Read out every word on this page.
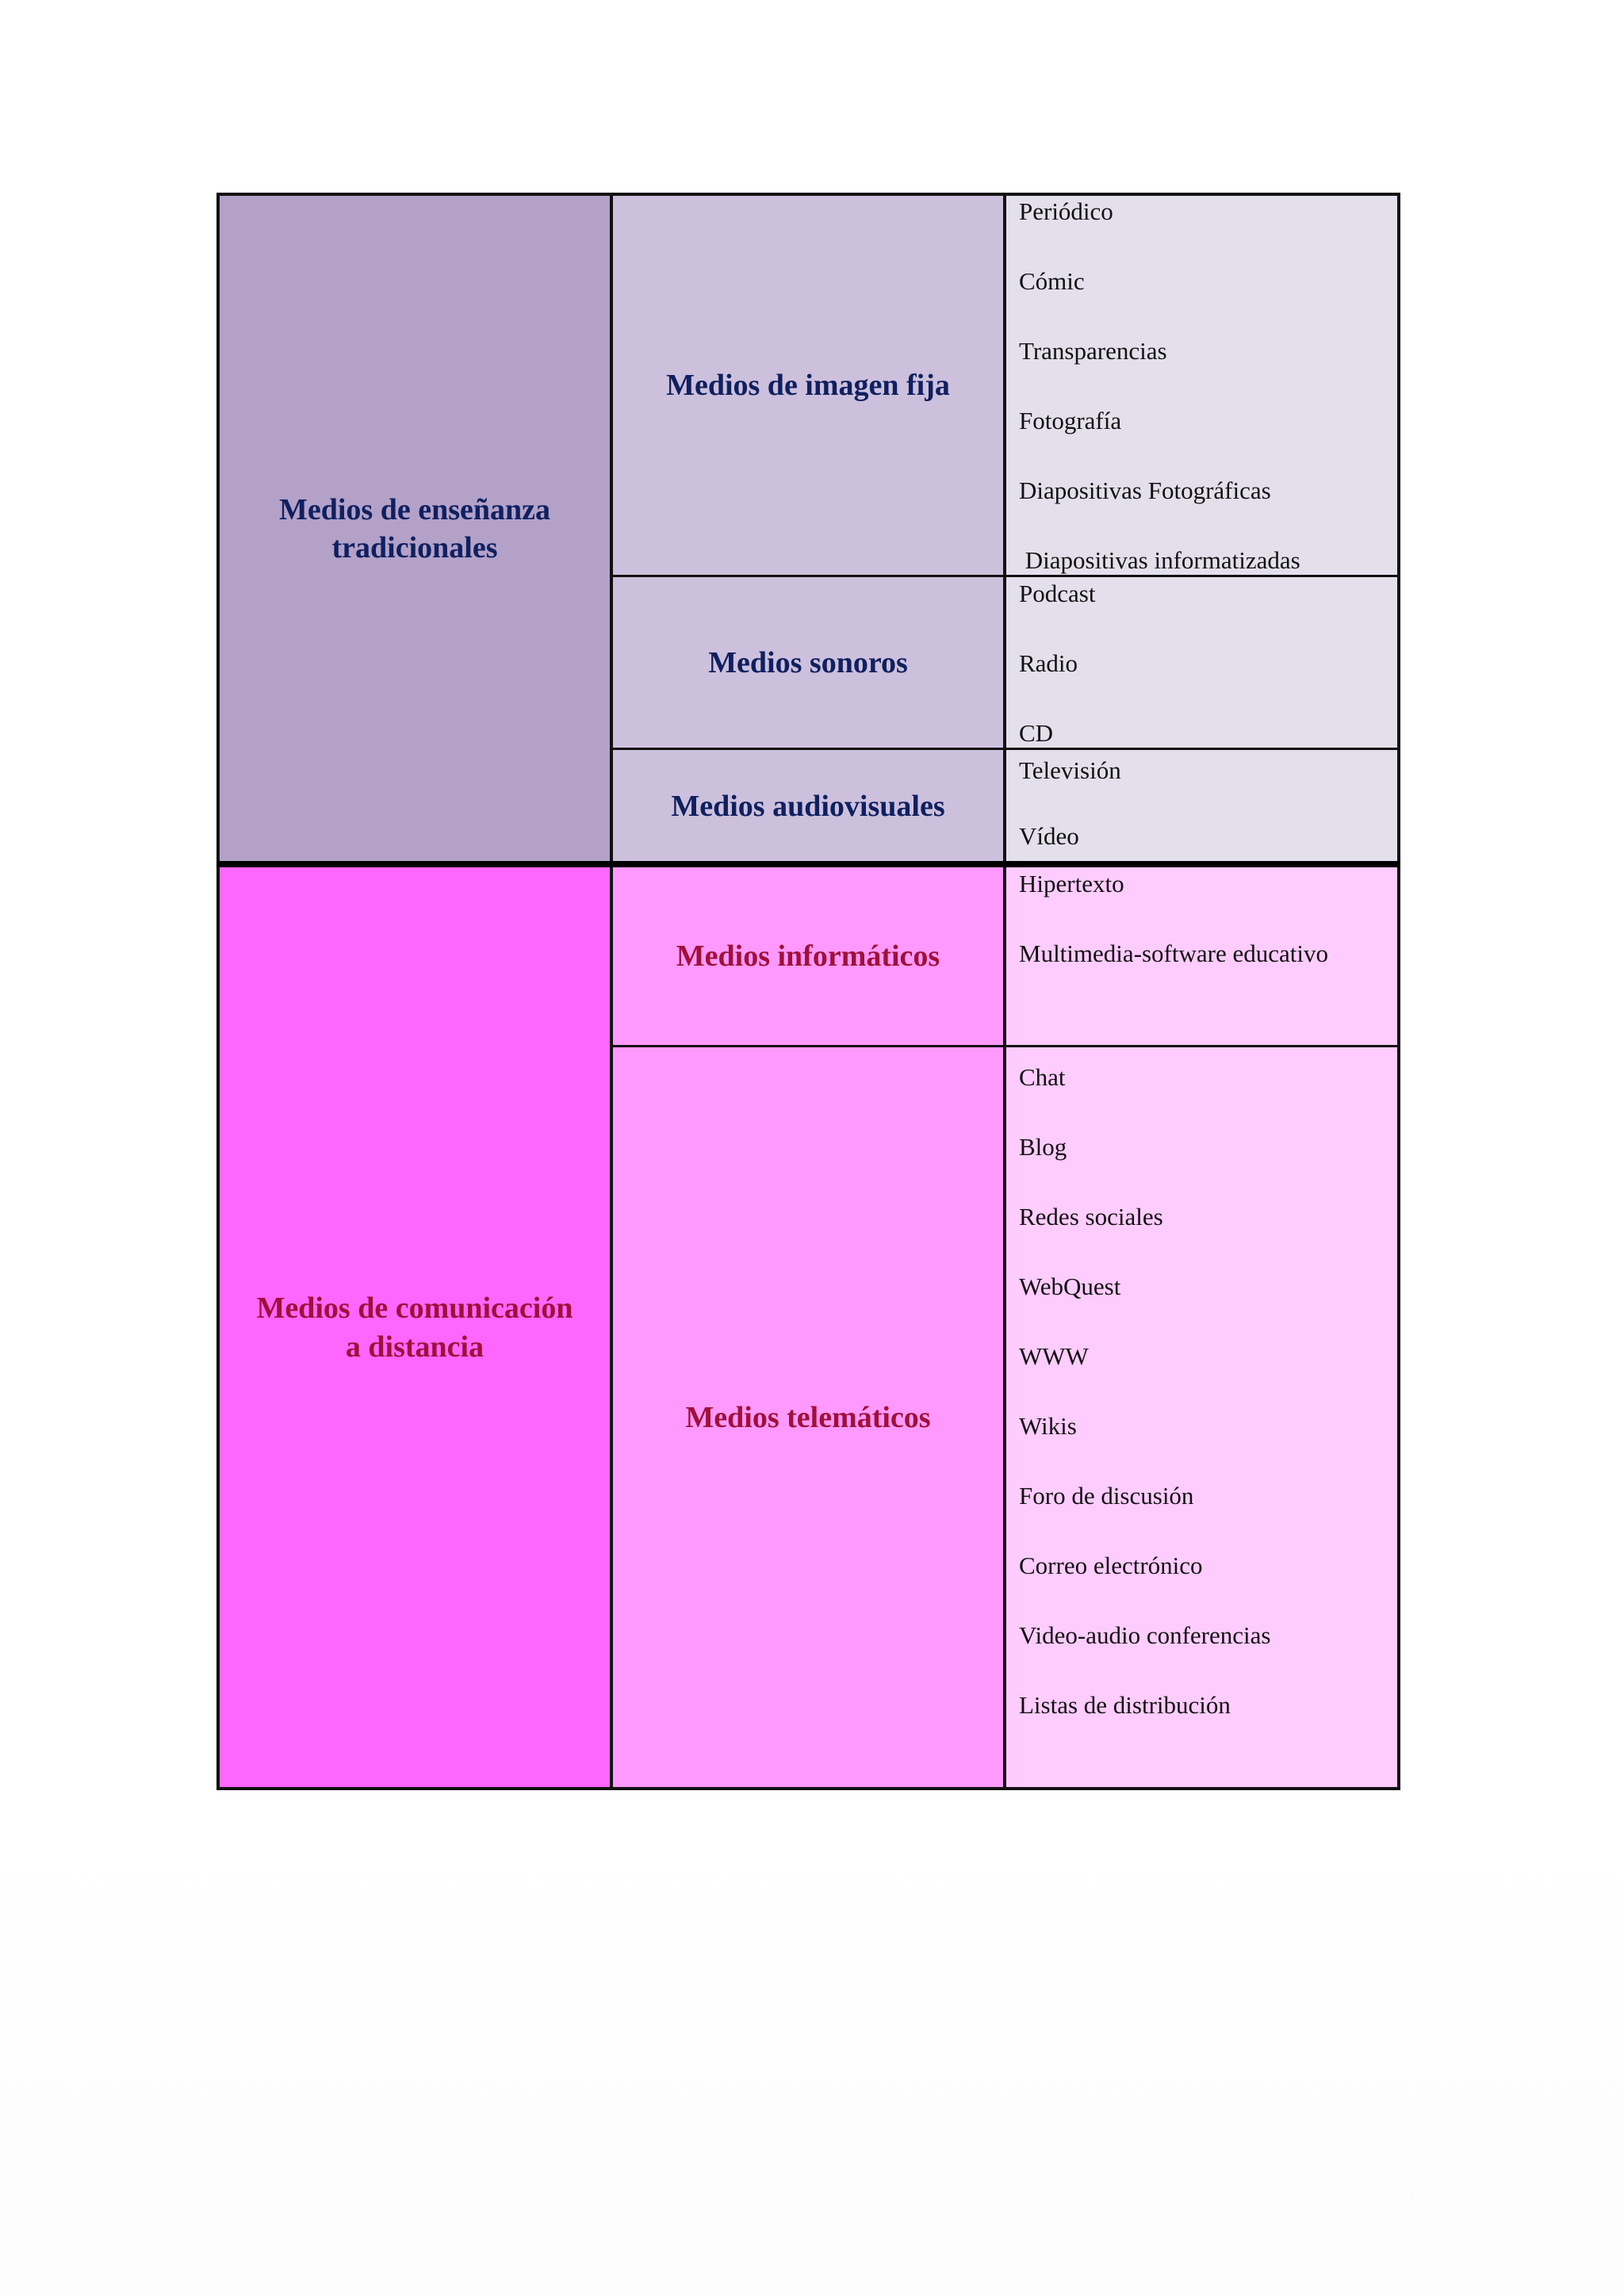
Medios de enseñanza tradicionales
Medios de imagen fija
Medios sonoros
Medios audiovisuales
Periódico
Cómic
Transparencias
Fotografía
Diapositivas Fotográficas
Diapositivas informatizadas
Podcast
Radio
CD
Televisión
Vídeo
Medios de comunicación a distancia
Medios informáticos
Medios telemáticos
Hipertexto
Multimedia-software educativo
Chat
Blog
Redes sociales
WebQuest
WWW
Wikis
Foro de discusión
Correo electrónico
Video-audio conferencias
Listas de distribución
